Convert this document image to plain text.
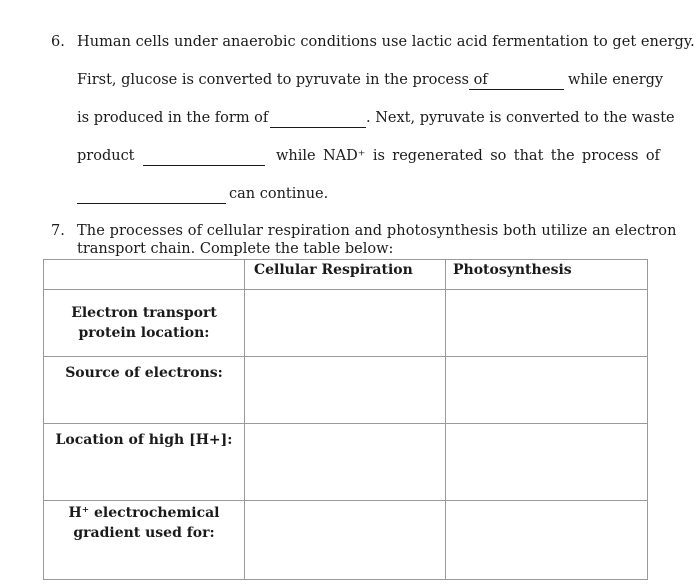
6. Human cells under anaerobic conditions use lactic acid fermentation to get energy.
First, glucose is converted to pyruvate in the process of	while energy
is produced in the form of	. Next, pyruvate is converted to the waste
product	while NAD⁺ is regenerated so that the process of
can continue.
7. The processes of cellular respiration and photosynthesis both utilize an electron
transport chain. Complete the table below:
	Cellular Respiration	Photosynthesis

Electron transport
protein location:		

Source of electrons:		

Location of high [H+]:		

H⁺ electrochemical
gradient used for:		
